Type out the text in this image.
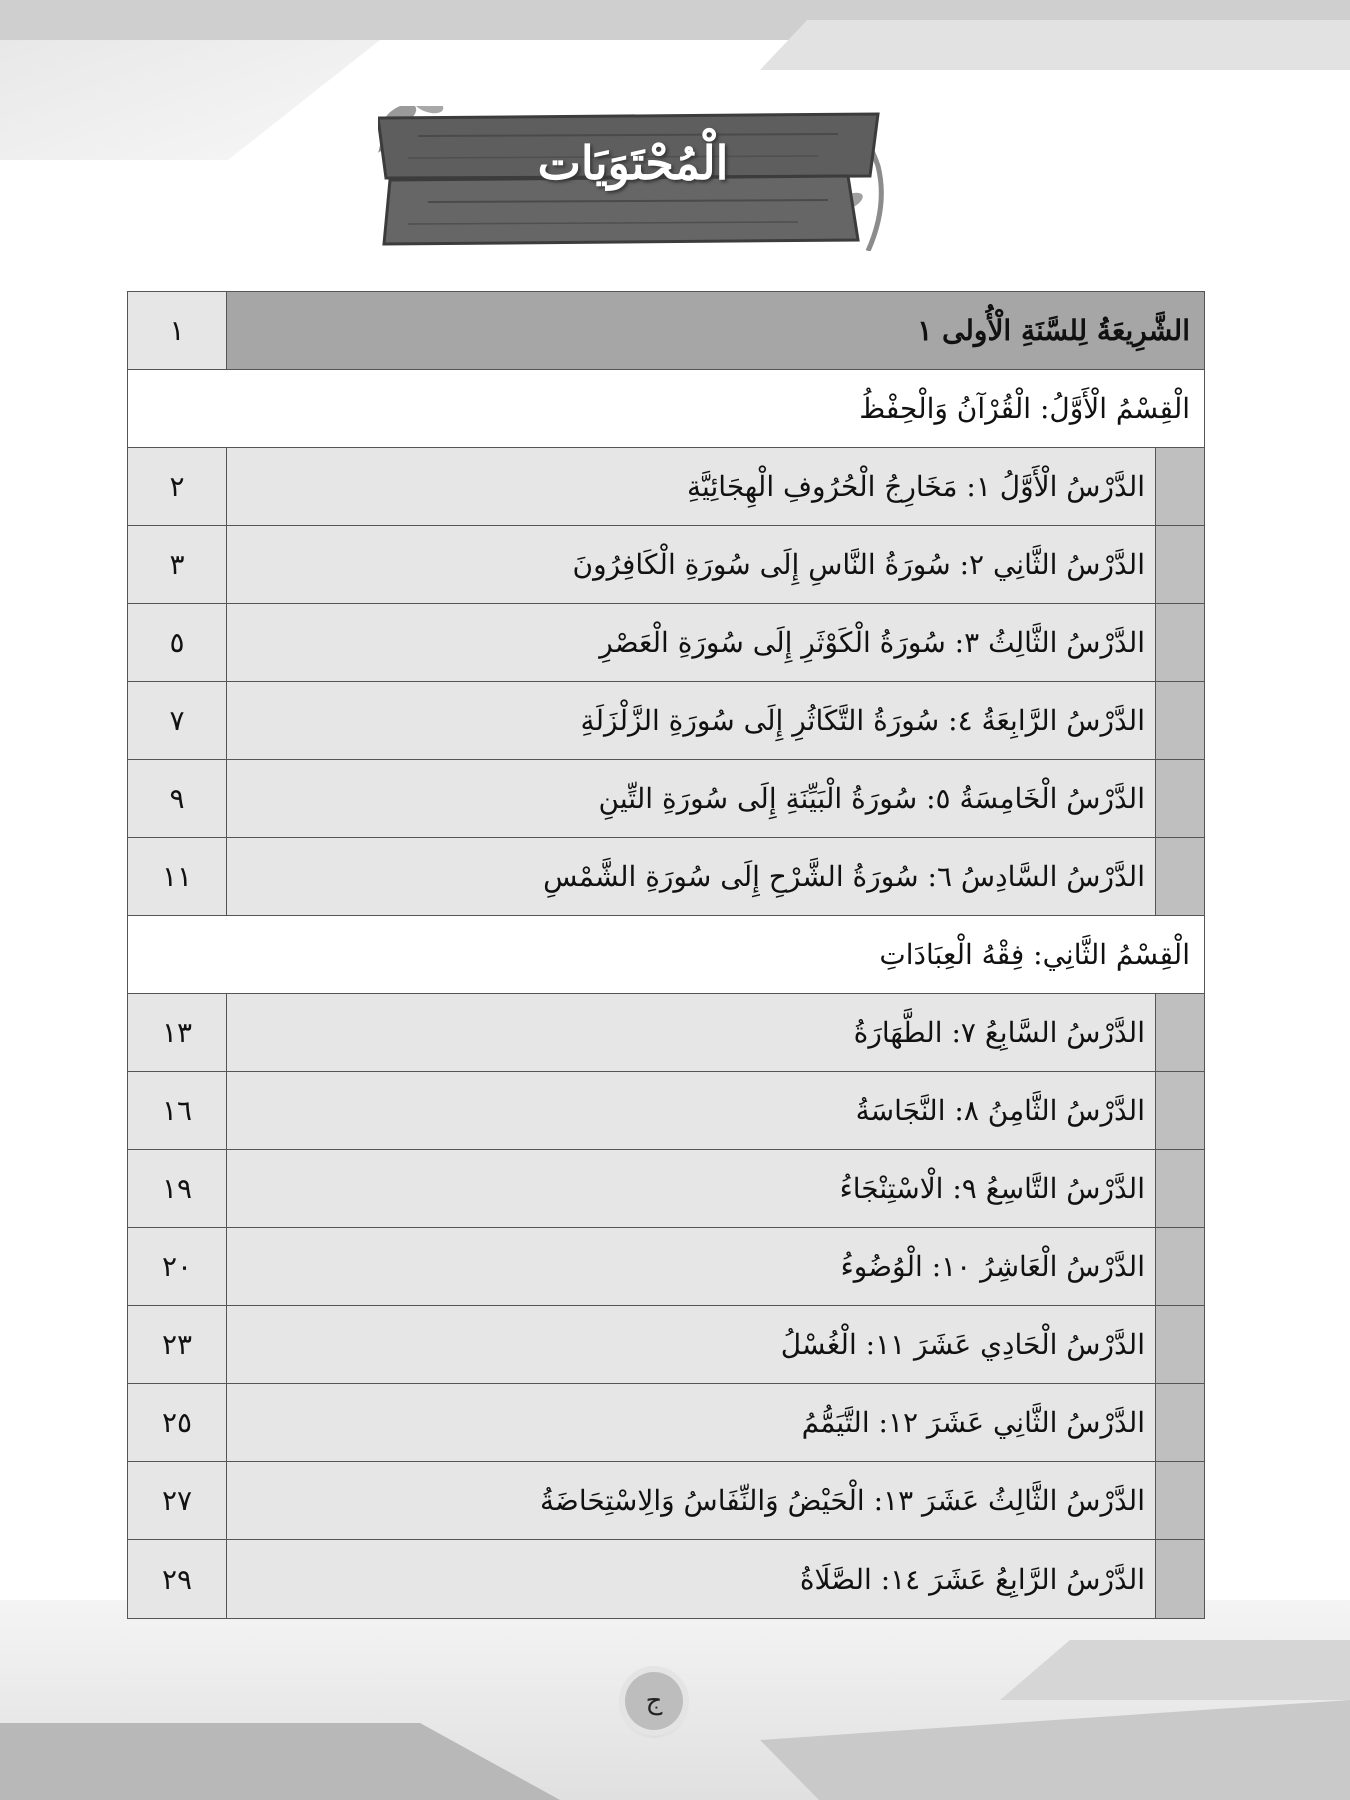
الْمُحْتَوَيَات
الشَّرِيعَةُ لِلسَّنَةِ الْأُولى ١
١
الْقِسْمُ الْأَوَّلُ: الْقُرْآنُ وَالْحِفْظُ
الدَّرْسُ الْأَوَّلُ ١: مَخَارِجُ الْحُرُوفِ الْهِجَائِيَّةِ
٢
الدَّرْسُ الثَّانِي ٢: سُورَةُ النَّاسِ إِلَى سُورَةِ الْكَافِرُونَ
٣
الدَّرْسُ الثَّالِثُ ٣: سُورَةُ الْكَوْثَرِ إِلَى سُورَةِ الْعَصْرِ
٥
الدَّرْسُ الرَّابِعَةُ ٤: سُورَةُ التَّكَاثُرِ إِلَى سُورَةِ الزَّلْزَلَةِ
٧
الدَّرْسُ الْخَامِسَةُ ٥: سُورَةُ الْبَيِّنَةِ إِلَى سُورَةِ التِّينِ
٩
الدَّرْسُ السَّادِسُ ٦: سُورَةُ الشَّرْحِ إِلَى سُورَةِ الشَّمْسِ
١١
الْقِسْمُ الثَّانِي: فِقْهُ الْعِبَادَاتِ
الدَّرْسُ السَّابِعُ ٧: الطَّهَارَةُ
١٣
الدَّرْسُ الثَّامِنُ ٨: النَّجَاسَةُ
١٦
الدَّرْسُ التَّاسِعُ ٩: الْاسْتِنْجَاءُ
١٩
الدَّرْسُ الْعَاشِرُ ١٠: الْوُضُوءُ
٢٠
الدَّرْسُ الْحَادِي عَشَرَ ١١: الْغُسْلُ
٢٣
الدَّرْسُ الثَّانِي عَشَرَ ١٢: التَّيَمُّمُ
٢٥
الدَّرْسُ الثَّالِثُ عَشَرَ ١٣: الْحَيْضُ وَالنِّفَاسُ وَالِاسْتِحَاضَةُ
٢٧
الدَّرْسُ الرَّابِعُ عَشَرَ ١٤: الصَّلَاةُ
٢٩
ج
